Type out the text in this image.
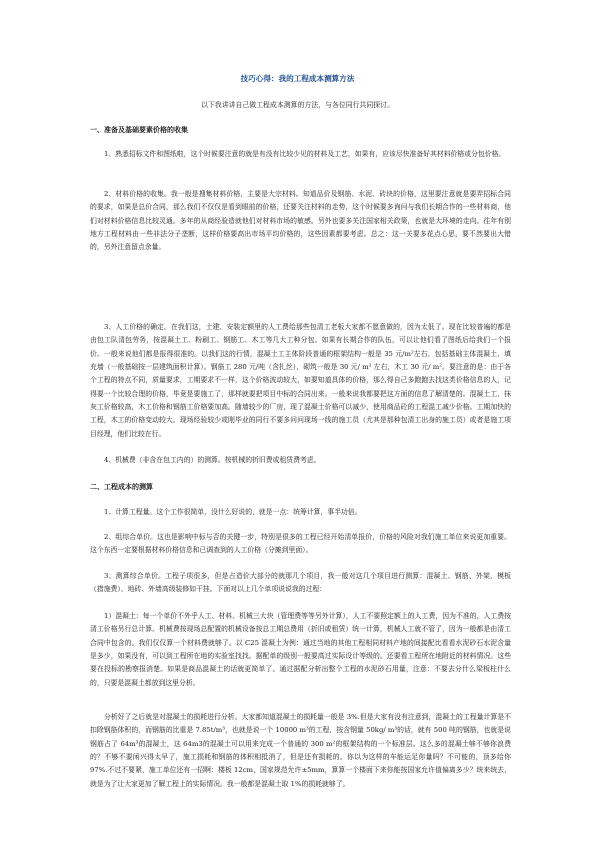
技巧心得：我的工程成本测算方法
以下我讲讲自己做工程成本测算的方法，与各位同行共同探讨。
一、准备及基础要素价格的收集

1、熟悉招标文件和图纸啦，这个时候要注意的就是有没有比较少见的材料及工艺，如果有，应该尽快准备好其材料价格或分包价格。

2、材料价格的收集。我一般是搜集材料价格，主要是大宗材料。知道品价及钢筋、水泥、砖块的价格，这里要注意就是要弄招标合同的要求，如果是总价合同，那么我们不仅仅是看到眼前的价格，还要关注材料的走势，这个时候要多询问与我们长期合作的一些材料商，他们对材料价格信息比较灵通。多年的从商经验造就他们对材料市场的敏感。另外也要多关注国家相关政策，也就是大环境的走向。往年有别地方工程材料由一些非法分子垄断，这样价格要高出市场平均价格的，这些因素都要考虑。总之：这一关要多花点心思，要不然要出大错的，另外注意留点余量。

3、人工价格的确定。在我们这，土建、安装定额里的人工费给那些包清工老板大家都不愿意做的，因为太低了。现在比较普遍的都是由包工队清包劳务，按混凝土工、粉刷工、钢筋工、木工等几大工种分包。如果有长期合作的队伍，可以让他们看了图纸后给我们一个报价。一般来说他们都是报得很准的。以我们这的行情，混凝土工主体阶段普通的框架结构一般是 35 元/m²左右，包括基础主体混凝土、填充墙（一般基础按一层建筑面积计算）。钢筋工 280 元/吨（含扎丝），砌筑一般是 30 元/ m² 左右，木工 30 元/ m²。要注意的是：由于各个工程的特点不同，质量要求，工期要求不一样，这个价格波动较大，如要知道具体的价格，那么得自己多跑跑去找这类价格信息的人，记得要一个比较合理的价格，毕竟是要施工了，那样就要把项目中标的合同出来。一般来说我都要把这方面的信息了解清楚的。混凝土工、抹灰工价格较高，木工价格和钢筋工价格要加高。随墙较少的厂房，现了混凝土价格可以减少，使用商品砼的工程混工减少价格。工期加快的工程，木工的价格变动较大。现场经验较少或刚毕业的同行不要多问问现场一线的施工员（尤其是那种包清工出身的施工员）或者是施工项目经理，他们比较在行。

4、机械费（非含在包工内的）的测算。按机械的折旧费或租赁费考虑。

二、工程成本的测算

1、计算工程量。这个工作很简单，没什么好说的，就是一点：统筹计算，事半功倍。

2、组综合单价。这也是影响中标与否的关键一步，特别是很多的工程已经开始清单报价，价格的风险对我们施工单位来说更加重要。这个东西一定要根据材料价格信息和已调查到的人工价格（分摊到里面）。

3、测算综合单价。工程子项很多，但是占造价大部分的就那几个项目，我一般对这几个项目进行测算：混凝土、钢筋、外架、模板（措施费）、地砖、外墙高级装修如干挂。下面对以上几个单项说说我的过程：

1）混凝土：每一个单价不外乎人工、材料、机械三大块（管理费等等另外计算），人工不要照定额上的人工费，因为不准的，人工费按清工价格另行总计算。机械费按现场总配置的机械设备按总工期总费用（折旧或租赁）统一计算，机械人工就不管了，因为一般都是由清工合同中包含的。我们仅仅算一个材料费就够了。以 C25 混凝土为例：通过当地的其他工程相同材料产地的间接配比看看水泥砂石水泥含量是多少，如果没有，可以到工程所在地的实验室找找。据配单的级别一般要高过实际设计等级的。还要看工程所在地附近的材料情况。这些要在投标的勘察报消楚。如果是商品混凝土的话就更简单了。通过据配分析出整个工程的水泥砂石用量，注意：不要去分什么梁板柱什么的，只要是混凝土都放到这里分析。

分析好了之后就是对混凝土的损耗进行分析。大家都知道混凝土的损耗量一般是 3%.但是大家有没有注意到，混凝土的工程量计算是不扣除钢筋体积的，而钢筋的比重是 7.85t/m³，也就是说一个 10000 m³的工程，按含钢量 50kg/ m³的话，就有 500 吨的钢筋，也就是说钢筋占了 64m³的混凝土，这 64m3的混凝土可以用来完成一个普通的 300 m²的框架结构的一个标准层。这么多的混凝土够不够你浪费的？不够不要闲兴得太早了，施工损耗和钢筋的体积相抵消了，但是还有损耗的。你以为这样的车能运足你量吗？不可能的，顶多给你 97%.不过不要紧，施工单位还有一招啊：楼板 12cm，国家规范允许±5mm，算算一个楼面下来你能按国家允许值偏离多少？统来统去，就是为了让大家更加了解工程上的实际情况。我一般都是混凝土取 1%的损耗就够了。
